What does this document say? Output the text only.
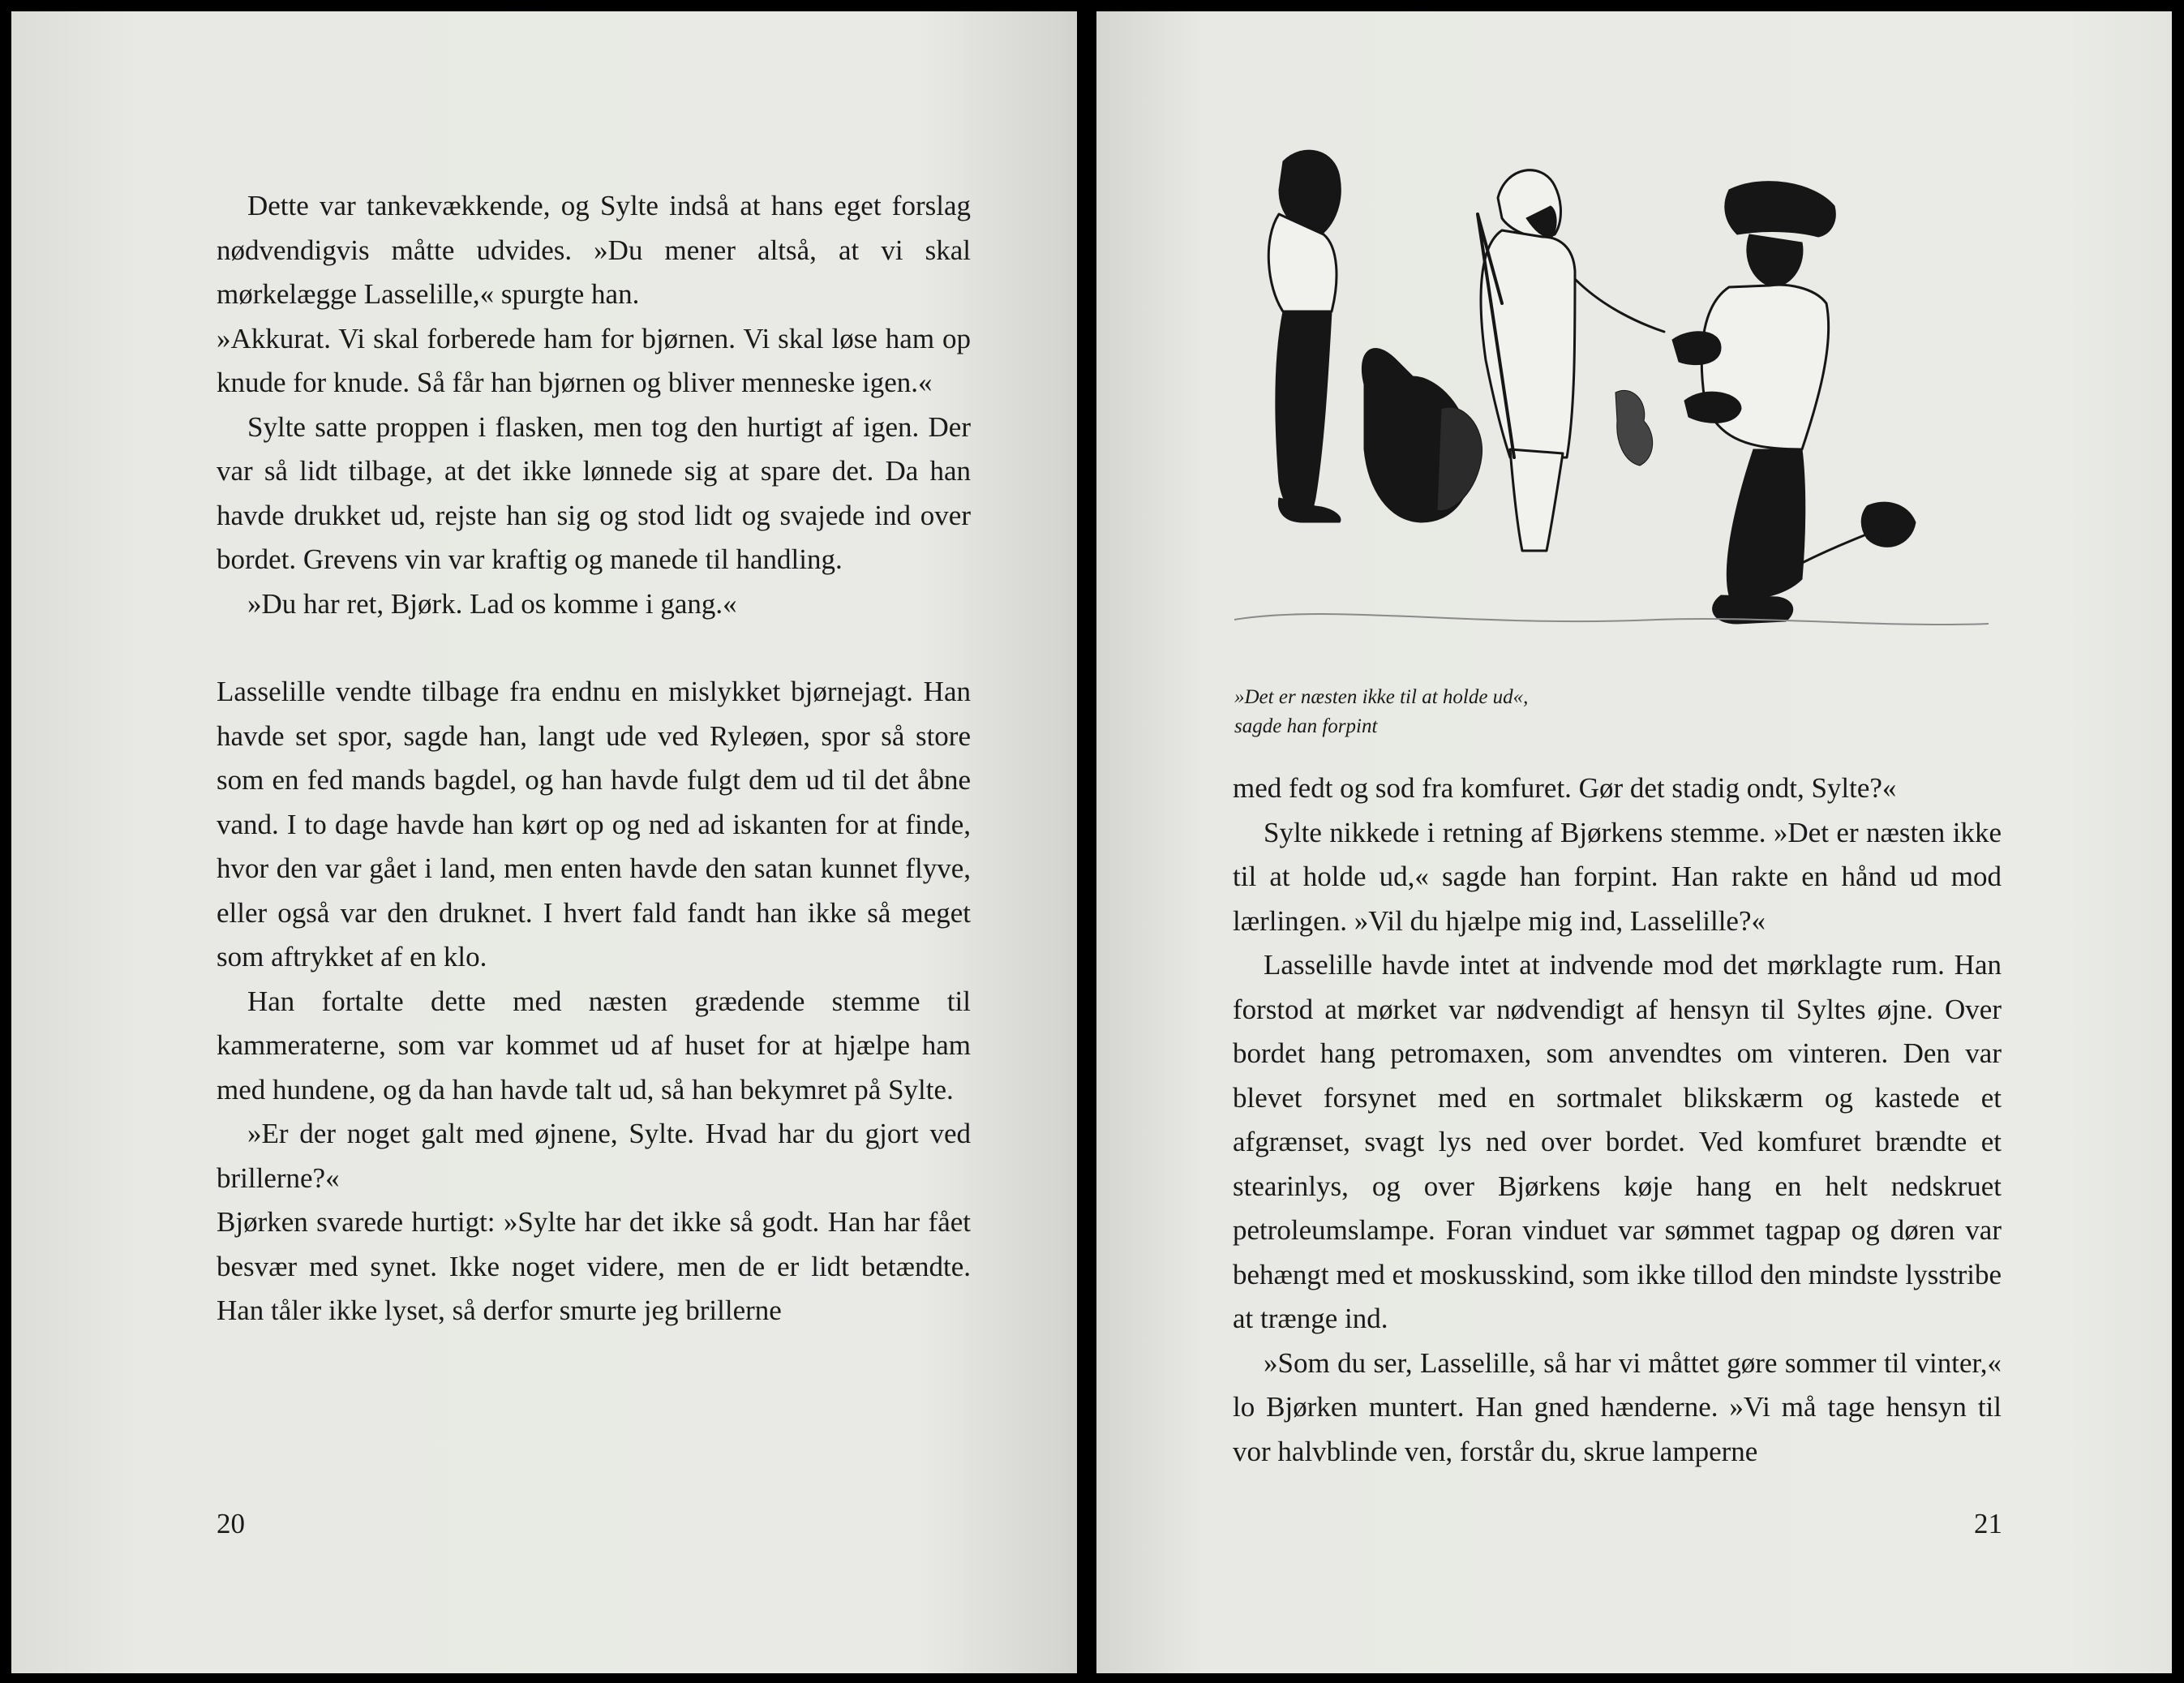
Dette var tankevækkende, og Sylte indså at hans eget forslag nødvendigvis måtte udvides. »Du mener altså, at vi skal mørkelægge Lasselille,« spurgte han.

»Akkurat. Vi skal forberede ham for bjørnen. Vi skal løse ham op knude for knude. Så får han bjørnen og bliver menneske igen.«

Sylte satte proppen i flasken, men tog den hurtigt af igen. Der var så lidt tilbage, at det ikke lønnede sig at spare det. Da han havde drukket ud, rejste han sig og stod lidt og svajede ind over bordet. Grevens vin var kraftig og manede til handling.

»Du har ret, Bjørk. Lad os komme i gang.«

Lasselille vendte tilbage fra endnu en mislykket bjørnejagt. Han havde set spor, sagde han, langt ude ved Ryleøen, spor så store som en fed mands bagdel, og han havde fulgt dem ud til det åbne vand. I to dage havde han kørt op og ned ad iskanten for at finde, hvor den var gået i land, men enten havde den satan kunnet flyve, eller også var den druknet. I hvert fald fandt han ikke så meget som aftrykket af en klo.

Han fortalte dette med næsten grædende stemme til kammeraterne, som var kommet ud af huset for at hjælpe ham med hundene, og da han havde talt ud, så han bekymret på Sylte.

»Er der noget galt med øjnene, Sylte. Hvad har du gjort ved brillerne?«

Bjørken svarede hurtigt: »Sylte har det ikke så godt. Han har fået besvær med synet. Ikke noget videre, men de er lidt betændte. Han tåler ikke lyset, så derfor smurte jeg brillerne

20
»Det er næsten ikke til at holde ud«,
sagde han forpint

med fedt og sod fra komfuret. Gør det stadig ondt, Sylte?«

Sylte nikkede i retning af Bjørkens stemme. »Det er næsten ikke til at holde ud,« sagde han forpint. Han rakte en hånd ud mod lærlingen. »Vil du hjælpe mig ind, Lasselille?«

Lasselille havde intet at indvende mod det mørklagte rum. Han forstod at mørket var nødvendigt af hensyn til Syltes øjne. Over bordet hang petromaxen, som anvendtes om vinteren. Den var blevet forsynet med en sortmalet blikskærm og kastede et afgrænset, svagt lys ned over bordet. Ved komfuret brændte et stearinlys, og over Bjørkens køje hang en helt nedskruet petroleumslampe. Foran vinduet var sømmet tagpap og døren var behængt med et moskusskind, som ikke tillod den mindste lysstribe at trænge ind.

»Som du ser, Lasselille, så har vi måttet gøre sommer til vinter,« lo Bjørken muntert. Han gned hænderne. »Vi må tage hensyn til vor halvblinde ven, forstår du, skrue lamperne

21
